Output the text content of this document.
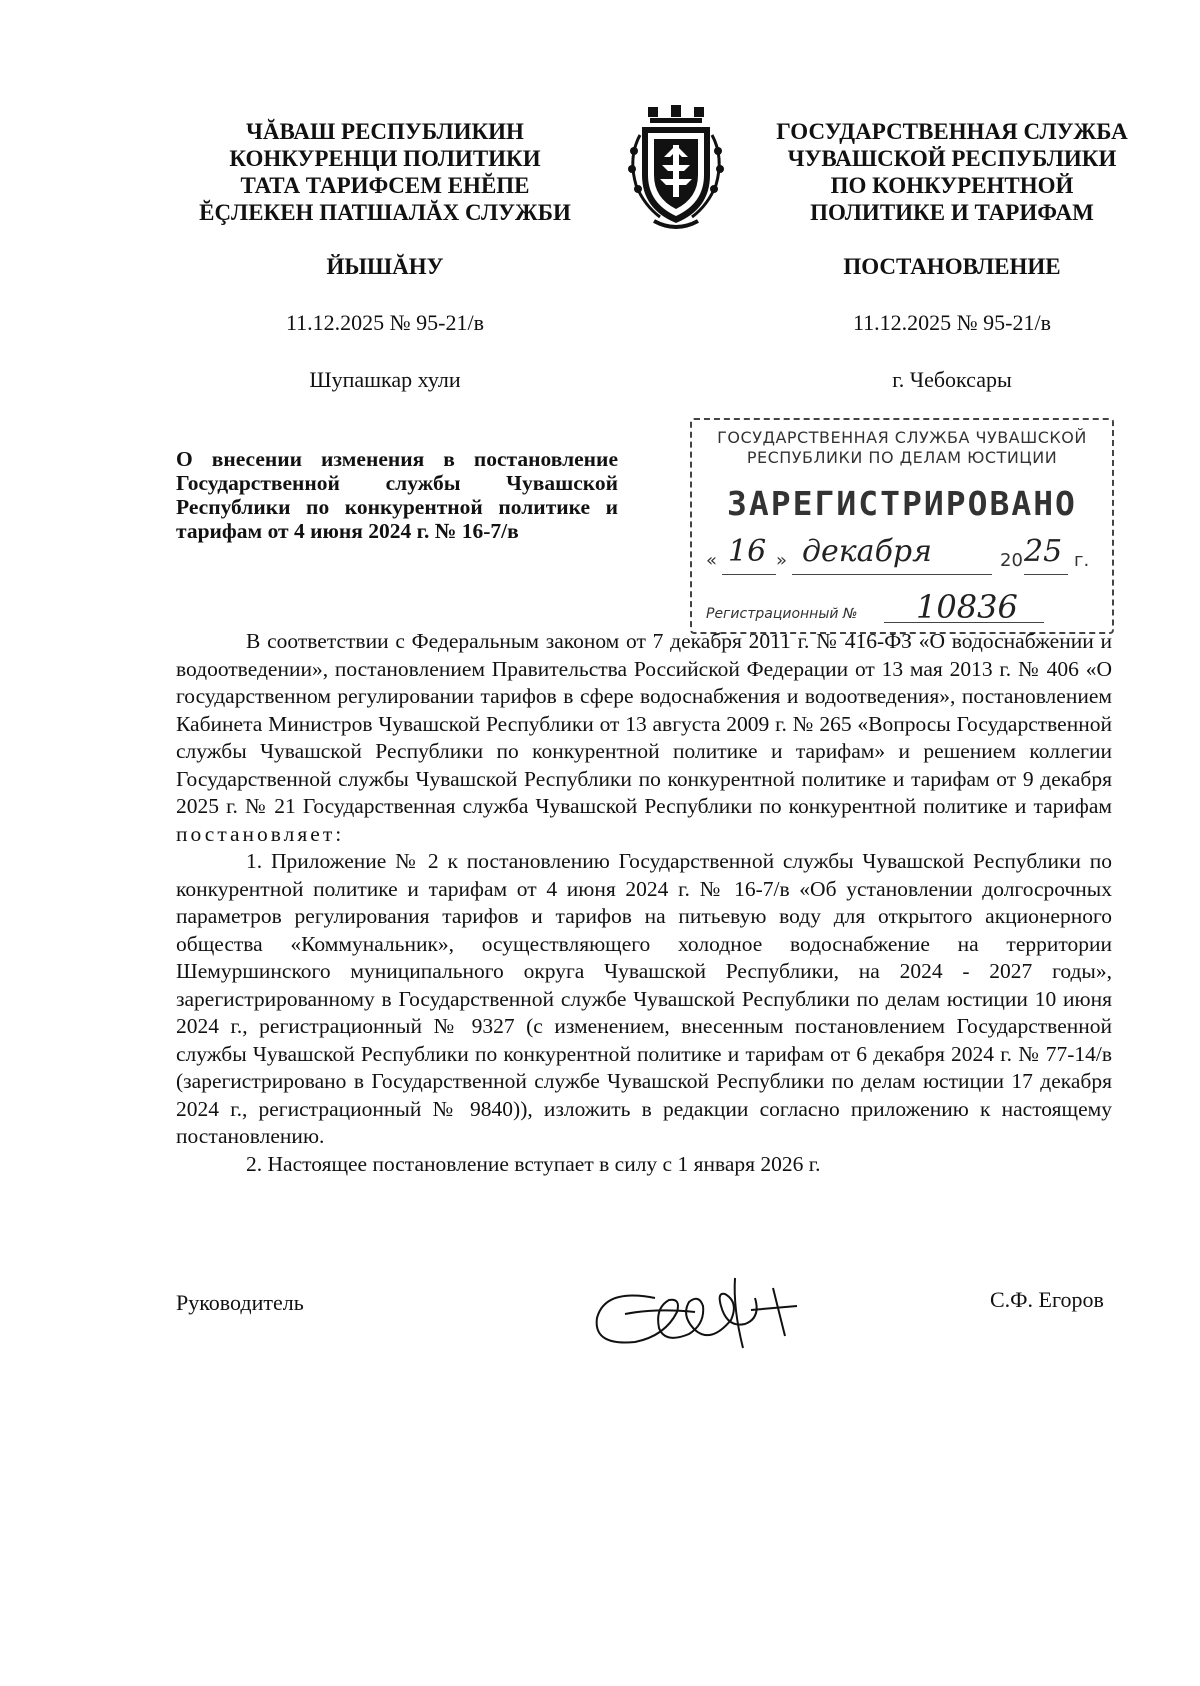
ЧĂВАШ РЕСПУБЛИКИН
КОНКУРЕНЦИ ПОЛИТИКИ
ТАТА ТАРИФСЕМ ЕНĔПЕ
ĔÇЛЕКЕН ПАТШАЛĂХ СЛУЖБИ
ГОСУДАРСТВЕННАЯ СЛУЖБА
ЧУВАШСКОЙ РЕСПУБЛИКИ
ПО КОНКУРЕНТНОЙ
ПОЛИТИКЕ И ТАРИФАМ
ЙЫШĂНУ	ПОСТАНОВЛЕНИЕ
11.12.2025 № 95-21/в	11.12.2025 № 95-21/в
Шупашкар хули	г. Чебоксары
О внесении изменения в постановление Государственной службы Чувашской Республики по конкурентной политике и тарифам от 4 июня 2024 г. № 16-7/в
ГОСУДАРСТВЕННАЯ СЛУЖБА ЧУВАШСКОЙ
РЕСПУБЛИКИ ПО ДЕЛАМ ЮСТИЦИИ
ЗАРЕГИСТРИРОВАНО
« 16 » декабря	20 25 г.
Регистрационный № 10836

В соответствии с Федеральным законом от 7 декабря 2011 г. № 416-ФЗ «О водоснабжении и водоотведении», постановлением Правительства Российской Федерации от 13 мая 2013 г. № 406 «О государственном регулировании тарифов в сфере водоснабжения и водоотведения», постановлением Кабинета Министров Чувашской Республики от 13 августа 2009 г. № 265 «Вопросы Государственной службы Чувашской Республики по конкурентной политике и тарифам» и решением коллегии Государственной службы Чувашской Республики по конкурентной политике и тарифам от 9 декабря 2025 г. № 21 Государственная служба Чувашской Республики по конкурентной политике и тарифам постановляет:

1. Приложение № 2 к постановлению Государственной службы Чувашской Республики по конкурентной политике и тарифам от 4 июня 2024 г. № 16-7/в «Об установлении долгосрочных параметров регулирования тарифов и тарифов на питьевую воду для открытого акционерного общества «Коммунальник», осуществляющего холодное водоснабжение на территории Шемуршинского муниципального округа Чувашской Республики, на 2024 - 2027 годы», зарегистрированному в Государственной службе Чувашской Республики по делам юстиции 10 июня 2024 г., регистрационный № 9327 (с изменением, внесенным постановлением Государственной службы Чувашской Республики по конкурентной политике и тарифам от 6 декабря 2024 г. № 77-14/в (зарегистрировано в Государственной службе Чувашской Республики по делам юстиции 17 декабря 2024 г., регистрационный № 9840)), изложить в редакции согласно приложению к настоящему постановлению.

2. Настоящее постановление вступает в силу с 1 января 2026 г.

Руководитель	С.Ф. Егоров
